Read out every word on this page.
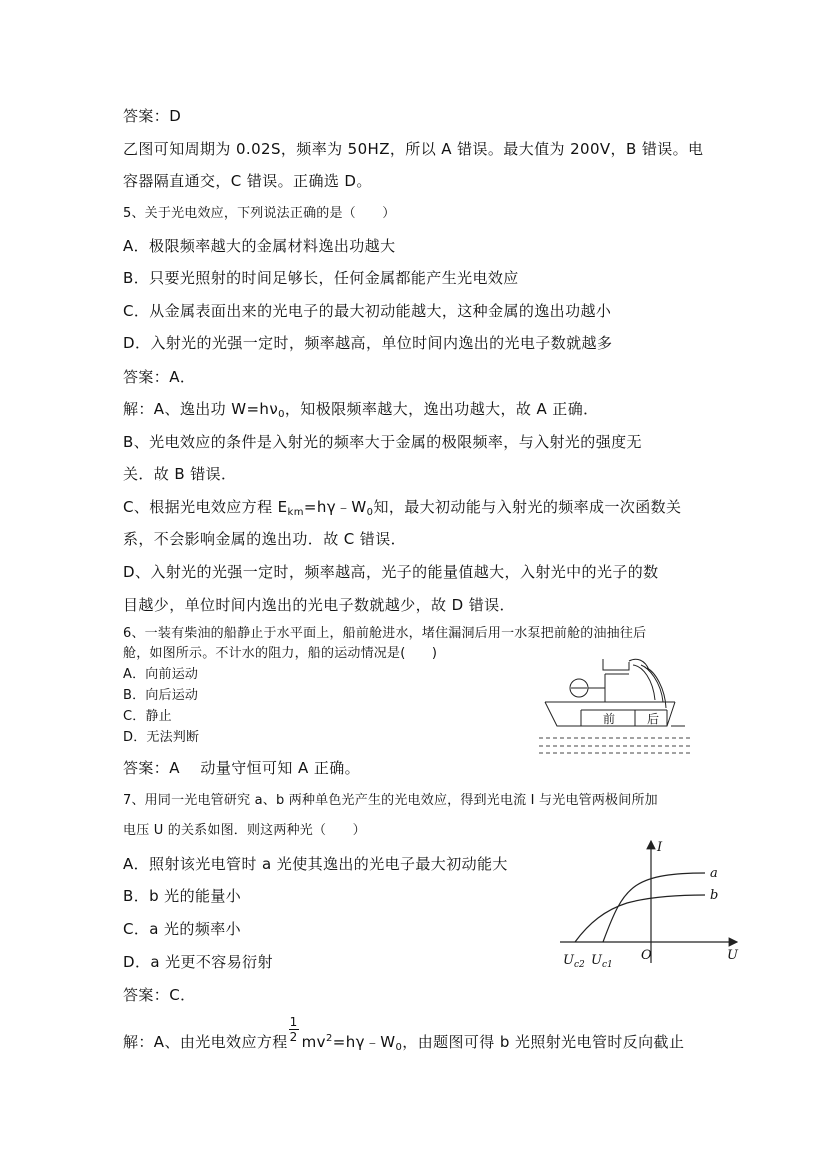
答案：D
乙图可知周期为 0.02S，频率为 50HZ，所以 A 错误。最大值为 200V，B 错误。电
容器隔直通交，C 错误。正确选 D。
5、关于光电效应，下列说法正确的是（　　）
A．极限频率越大的金属材料逸出功越大
B．只要光照射的时间足够长，任何金属都能产生光电效应
C．从金属表面出来的光电子的最大初动能越大，这种金属的逸出功越小
D．入射光的光强一定时，频率越高，单位时间内逸出的光电子数就越多
答案：A．
解：A、逸出功 $W=h\nu_0$，知极限频率越大，逸出功越大，故 A 正确．
B、光电效应的条件是入射光的频率大于金属的极限频率，与入射光的强度无
关．故 B 错误．
C、根据光电效应方程 $E_{km}=h\gamma﹣W_0$知，最大初动能与入射光的频率成一次函数关
系，不会影响金属的逸出功．故 C 错误．
D、入射光的光强一定时，频率越高，光子的能量值越大，入射光中的光子的数
目越少，单位时间内逸出的光电子数就越少，故 D 错误．
6、一装有柴油的船静止于水平面上，船前舱进水，堵住漏洞后用一水泵把前舱的油抽往后
舱，如图所示。不计水的阻力，船的运动情况是(　　)
A．向前运动
B．向后运动
C．静止
D．无法判断
答案：A　 动量守恒可知 A 正确。
前	后
7、用同一光电管研究 a、b 两种单色光产生的光电效应，得到光电流 I 与光电管两极间所加
电压 U 的关系如图．则这两种光（　　）
A．照射该光电管时 a 光使其逸出的光电子最大初动能大
B．b 光的能量小
C．a 光的频率小
D．a 光更不容易衍射
答案：C．
解：A、由光电效应方程 $\frac{1}{2}$ $mv^2=h\gamma﹣W_0$，由题图可得 b 光照射光电管时反向截止
I
U
O
a
b
$U_{c2}$ $U_{c1}$
